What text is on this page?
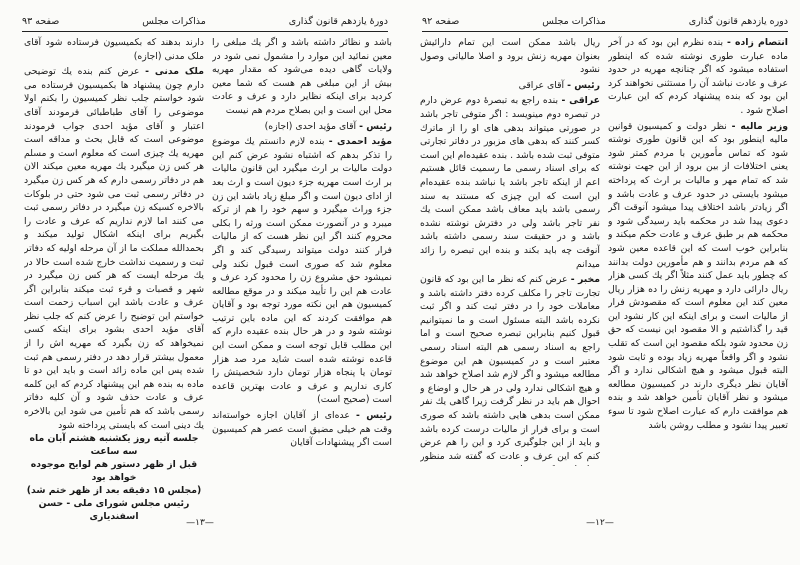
دورهٔ یازدهم قانون گذاری
مذاکرات مجلس
صفحه ۹۳

باشد و نظائر داشته باشد و اگر یك مبلغی را معین نمائید این موارد را مشمول نمی شود در ولایات گاهی دیده می‌شود که مقدار مهریه بیش از این مبلغی هم هست که شما معین کردید برای اینکه نظایر دارد و عرف و عادت محل این است و این بصلاح مردم هم نیست

رئیس - آقای مؤید احدی (اجازه)

مؤید احمدی - بنده لازم دانستم یك موضوع را تذکر بدهم که اشتباه نشود عرض کنم این دولت مالیات بر ارث میگیرد این قانون مالیات بر ارث است مهریه جزء دیون است و ارث بعد از ادای دیون است و اگر مبلغ زیاد باشد این زن جزء وراث میگیرد و سهم خود را هم از ترکه میبرد و در آنصورت ممکن است ورثه را بکلی محروم کنند اگر این نظر هست که از مالیات فرار کنند دولت میتواند رسیدگی کند و اگر معلوم شد که صوری است قبول نکند ولی نمیشود حق مشروع زن را محدود کرد عرف و عادت هم این را تأیید میکند و در موقع مطالعه کمیسیون هم این نکته مورد توجه بود و آقایان هم موافقت کردند که این ماده باین ترتیب نوشته شود و در هر حال بنده عقیده دارم که این مطلب قابل توجه است و ممکن است این قاعده نوشته شده است شاید مرد صد هزار تومان یا پنجاه هزار تومان دارد شخصیتش را کاری نداریم و عرف و عادت بهترین قاعده است (صحیح است)

رئیس - عده‌ای از آقایان اجازه خواسته‌اند وقت هم خیلی مضیق است عصر هم کمیسیون است اگر پیشنهادات آقایان

دارند بدهند که بکمیسیون فرستاده شود آقای ملک مدنی (اجازه)

ملک مدنی - عرض کنم بنده یك توضیحی دارم چون پیشنهاد ها بکمیسیون فرستاده می شود خواستم جلب نظر کمیسیون را بکنم اولا موضوعی را آقای طباطبائی فرمودند آقای اعتبار و آقای مؤید احدی جواب فرمودند موضوعی است که قابل بحث و مداقه است مهریه یك چیزی است که معلوم است و مسلم هر کس زن میگیرد یك مهریه معین میکند الان هم در دفاتر رسمی دارم که هر کس زن میگیرد در دفاتر رسمی ثبت می شود حتی در بلوکات بالاخره کسیکه زن میگیرد در دفاتر رسمی ثبت می کنند اما لازم نداریم که عرف و عادت را بگیریم برای اینکه اشکال تولید میکند و بحمدالله مملکت ما از آن مرحله اولیه که دفاتر ثبت و رسمیت نداشت خارج شده است حالا در یك مرحله ایست که هر کس زن میگیرد در شهر و قصبات و قرء ثبت میکند بنابراین اگر عرف و عادت باشد این اسباب زحمت است خواستم این توضیح را عرض کنم که جلب نظر آقای مؤید احدی بشود برای اینکه کسی نمیخواهد که زن بگیرد که مهریه اش را از معمول بیشتر قرار دهد در دفتر رسمی هم ثبت شده پس این ماده زائد است و باید این دو تا ماده به بنده هم این پیشنهاد کردم که این کلمه عرف و عادت حذف شود و آن کلیه دفاتر رسمی باشد که هم تأمین می شود این بالاخره یك دینی است که بایستی پرداخته شود

جلسه آتیه روز یکشنبه هشتم آبان ماه سه ساعت
قبل از ظهر دستور هم لوایح موجوده خواهد بود
(مجلس ۱۵ دقیقه بعد از ظهر ختم شد)
رئیس مجلس شورای ملی - حسن اسفندیاری
—۱۳—
دوره یازدهم قانون گذاری
مذاکرات مجلس
صفحه ۹۲

انتصام زاده - بنده نظرم این بود که در آخر ماده عبارت طوری نوشته شده که اینطور استفاده میشود که اگر چنانچه مهریه در حدود عرف و عادت نباشد آن را مستثنی نخواهند کرد این بود که بنده پیشنهاد کردم که این عبارت اصلاح شود .

وزیر مالیه - نظر دولت و کمیسیون قوانین مالیه اینطور بود که این قانون طوری نوشته شود که تماس مأمورین با مردم کمتر شود یعنی اختلافات از بین برود از این جهت نوشته شد که تمام مهر و مالیات بر ارث که پرداخته میشود بایستی در حدود عرف و عادت باشد و اگر زیادتر باشد اختلاف پیدا میشود آنوقت اگر دعوی پیدا شد در محکمه باید رسیدگی شود و محکمه هم بر طبق عرف و عادت حکم میکند و بنابراین خوب است که این قاعده معین شود که هم مردم بدانند و هم مأمورین دولت بدانند که چطور باید عمل کنند مثلاً اگر یك کسی هزار ریال دارائی دارد و مهریه زنش را ده هزار ریال معین کند این معلوم است که مقصودش فرار از مالیات است و برای اینکه این کار نشود این قید را گذاشتیم و الا مقصود این نیست که حق زن محدود شود بلکه مقصود این است که تقلب نشود و اگر واقعاً مهریه زیاد بوده و ثابت شود البته قبول میشود و هیچ اشکالی ندارد و اگر آقایان نظر دیگری دارند در کمیسیون مطالعه میشود و نظر آقایان تأمین خواهد شد و بنده هم موافقت دارم که عبارت اصلاح شود تا سوء تعبیر پیدا نشود و مطلب روشن باشد

ریال باشد ممکن است این تمام دارائیش بعنوان مهریه زنش برود و اصلا مالیاتی وصول نشود

رئیس - آقای عراقی

عراقی - بنده راجع به تبصرهٔ دوم عرض دارم در تبصره دوم مینویسد : اگر متوفی تاجر باشد در صورتی میتواند بدهی های او را از ماترك کسر کنند که بدهی های مزبور در دفاتر تجارتی متوفی ثبت شده باشد . بنده عقیده‌ام این است که برای اسناد رسمی ما رسمیت قائل هستیم اعم از اینکه تاجر باشد یا نباشد بنده عقیده‌ام این است که این چیزی که مستند به سند رسمی باشد باید معاف باشد ممکن است یك نفر تاجر باشد ولی در دفترش نوشته نشده باشد و در حقیقت سند رسمی داشته باشد آنوقت چه باید بکند و بنده این تبصره را زائد میدانم

مخبر - عرض کنم که نظر ما این بود که قانون تجارت تاجر را مکلف کرده دفتر داشته باشد و معاملات خود را در دفتر ثبت کند و اگر ثبت نکرده باشد البته مسئول است و ما نمیتوانیم قبول کنیم بنابراین تبصره صحیح است و اما راجع به اسناد رسمی هم البته اسناد رسمی معتبر است و در کمیسیون هم این موضوع مطالعه میشود و اگر لازم شد اصلاح خواهد شد و هیچ اشکالی ندارد ولی در هر حال و اوضاع و احوال هم باید در نظر گرفت زیرا گاهی یك نفر ممکن است بدهی هایی داشته باشد که صوری است و برای فرار از مالیات درست کرده باشد و باید از این جلوگیری کرد و این را هم عرض کنم که این عرف و عادت که گفته شد منظور

—۱۲—
